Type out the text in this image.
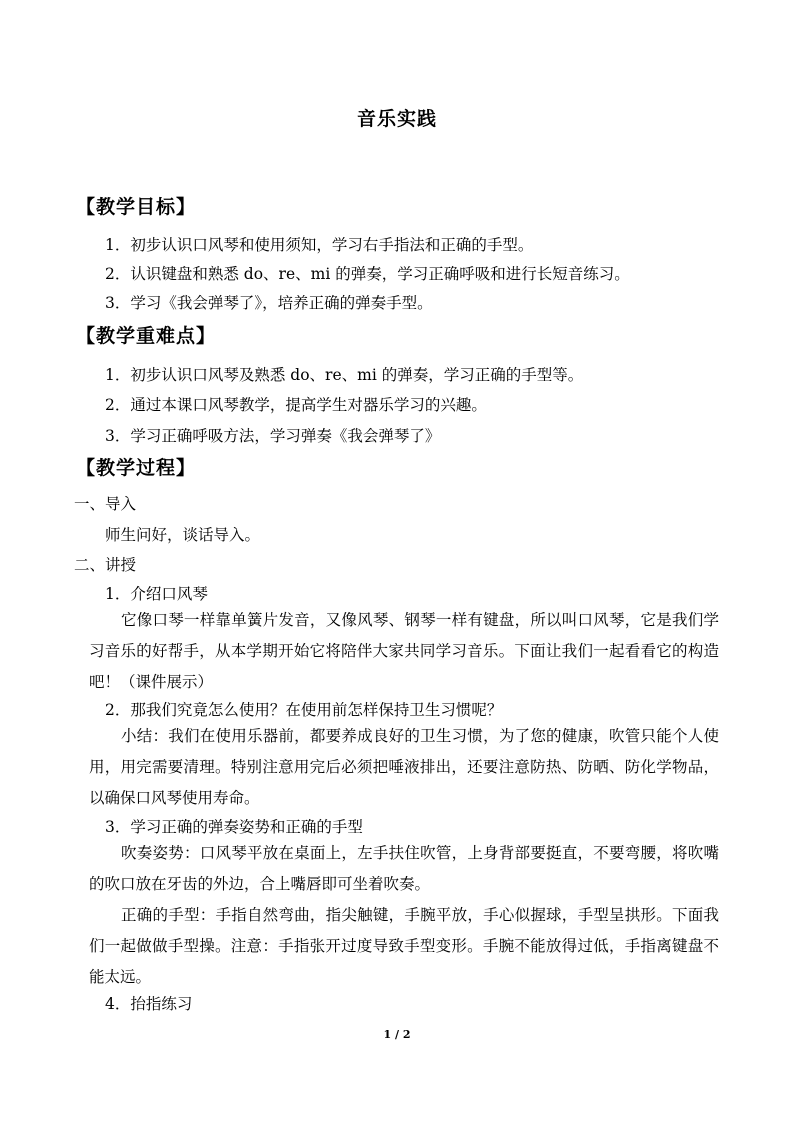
音乐实践
【教学目标】
1．初步认识口风琴和使用须知，学习右手指法和正确的手型。
2．认识键盘和熟悉 do、re、mi 的弹奏，学习正确呼吸和进行长短音练习。
3．学习《我会弹琴了》，培养正确的弹奏手型。
【教学重难点】
1．初步认识口风琴及熟悉 do、re、mi 的弹奏，学习正确的手型等。
2．通过本课口风琴教学，提高学生对器乐学习的兴趣。
3．学习正确呼吸方法，学习弹奏《我会弹琴了》
【教学过程】
一、导入
师生问好，谈话导入。
二、讲授
1．介绍口风琴
它像口琴一样靠单簧片发音，又像风琴、钢琴一样有键盘，所以叫口风琴，它是我们学习音乐的好帮手，从本学期开始它将陪伴大家共同学习音乐。下面让我们一起看看它的构造吧！（课件展示）
2．那我们究竟怎么使用？在使用前怎样保持卫生习惯呢？
小结：我们在使用乐器前，都要养成良好的卫生习惯，为了您的健康，吹管只能个人使用，用完需要清理。特别注意用完后必须把唾液排出，还要注意防热、防晒、防化学物品，以确保口风琴使用寿命。
3．学习正确的弹奏姿势和正确的手型
吹奏姿势：口风琴平放在桌面上，左手扶住吹管，上身背部要挺直，不要弯腰，将吹嘴的吹口放在牙齿的外边，合上嘴唇即可坐着吹奏。
正确的手型：手指自然弯曲，指尖触键，手腕平放，手心似握球，手型呈拱形。下面我们一起做做手型操。注意：手指张开过度导致手型变形。手腕不能放得过低，手指离键盘不能太远。
4．抬指练习
1 / 2
